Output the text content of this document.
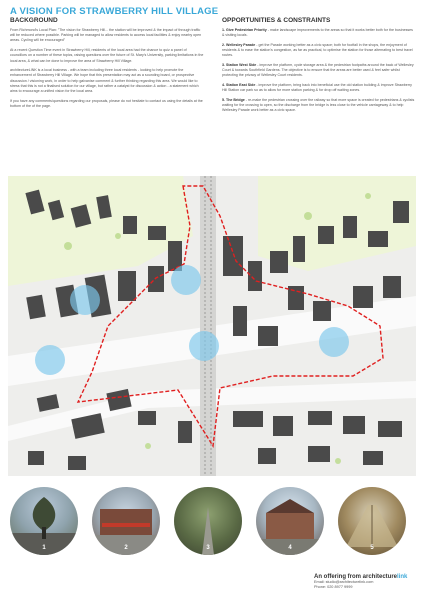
A VISION FOR STRAWBERRY HILL VILLAGE
BACKGROUND

From Richmond's Local Plan: "The vision for Strawberry Hill... the station will be improved & the impact of through traffic will be reduced where possible. Parking will be managed to allow residents to access local facilities & enjoy nearby open areas. Cycling will be encouraged"

At a recent Question Time event in Strawberry Hill, residents of the local area had the chance to quiz a panel of councillors on a number of these topics, raising questions over the future of St. Mary's University, parking limitations in the local area, & what can be done to improve the area of Strawberry Hill Village.

architectureLINK is a local business - with a team including three local residents - looking to help promote the enhancement of Strawberry Hill Village. We hope that this presentation may act as a sounding board, or prospective discussion / visioning work, in order to help galvanise comment & further thinking regarding this area. We would like to stress that this is not a finalised solution for our village, but rather a catalyst for discussion & action - a statement which aims to encourage a unified vision for the local area.

If you have any comments/questions regarding our proposals, please do not hesitate to contact us using the details at the bottom of the of the page.

OPPORTUNITIES & CONSTRAINTS

1. Give Pedestrian Priority - make landscape improvements to the areas so that it works better both for the businesses & visiting locals.

2. Wellesley Parade - get the Parade working better as a civic space; both for footfall in the shops, the enjoyment of residents & to ease the station's congestion, as far as practical, to optimise the station for those alternating to best travel routes.

3. Station West Side - improve the platform, cycle storage area & the pedestrian footpaths around the back of Wellesley Court & towards Southfield Gardens. The objective is to ensure that the areas are better used & feel safer whilst protecting the privacy of Wellesley Court residents.

4. Station East Side - improve the platform, bring back into beneficial use the old station building & improve Strawberry Hill Station car park so as to allow for more station parking & for drop off waiting zones.

5. The Bridge - re-make the pedestrian crossing over the railway so that more space is created for pedestrians & cyclists waiting for the crossing to open, so the discharge from the bridge is less close to the vehicle carriageway & to help Wellesley Parade work better as a civic space.

1	2	3	4	5
An offering from architecturelink
Email: studio@architecturelink.com
Phone: 020 8977 9999
